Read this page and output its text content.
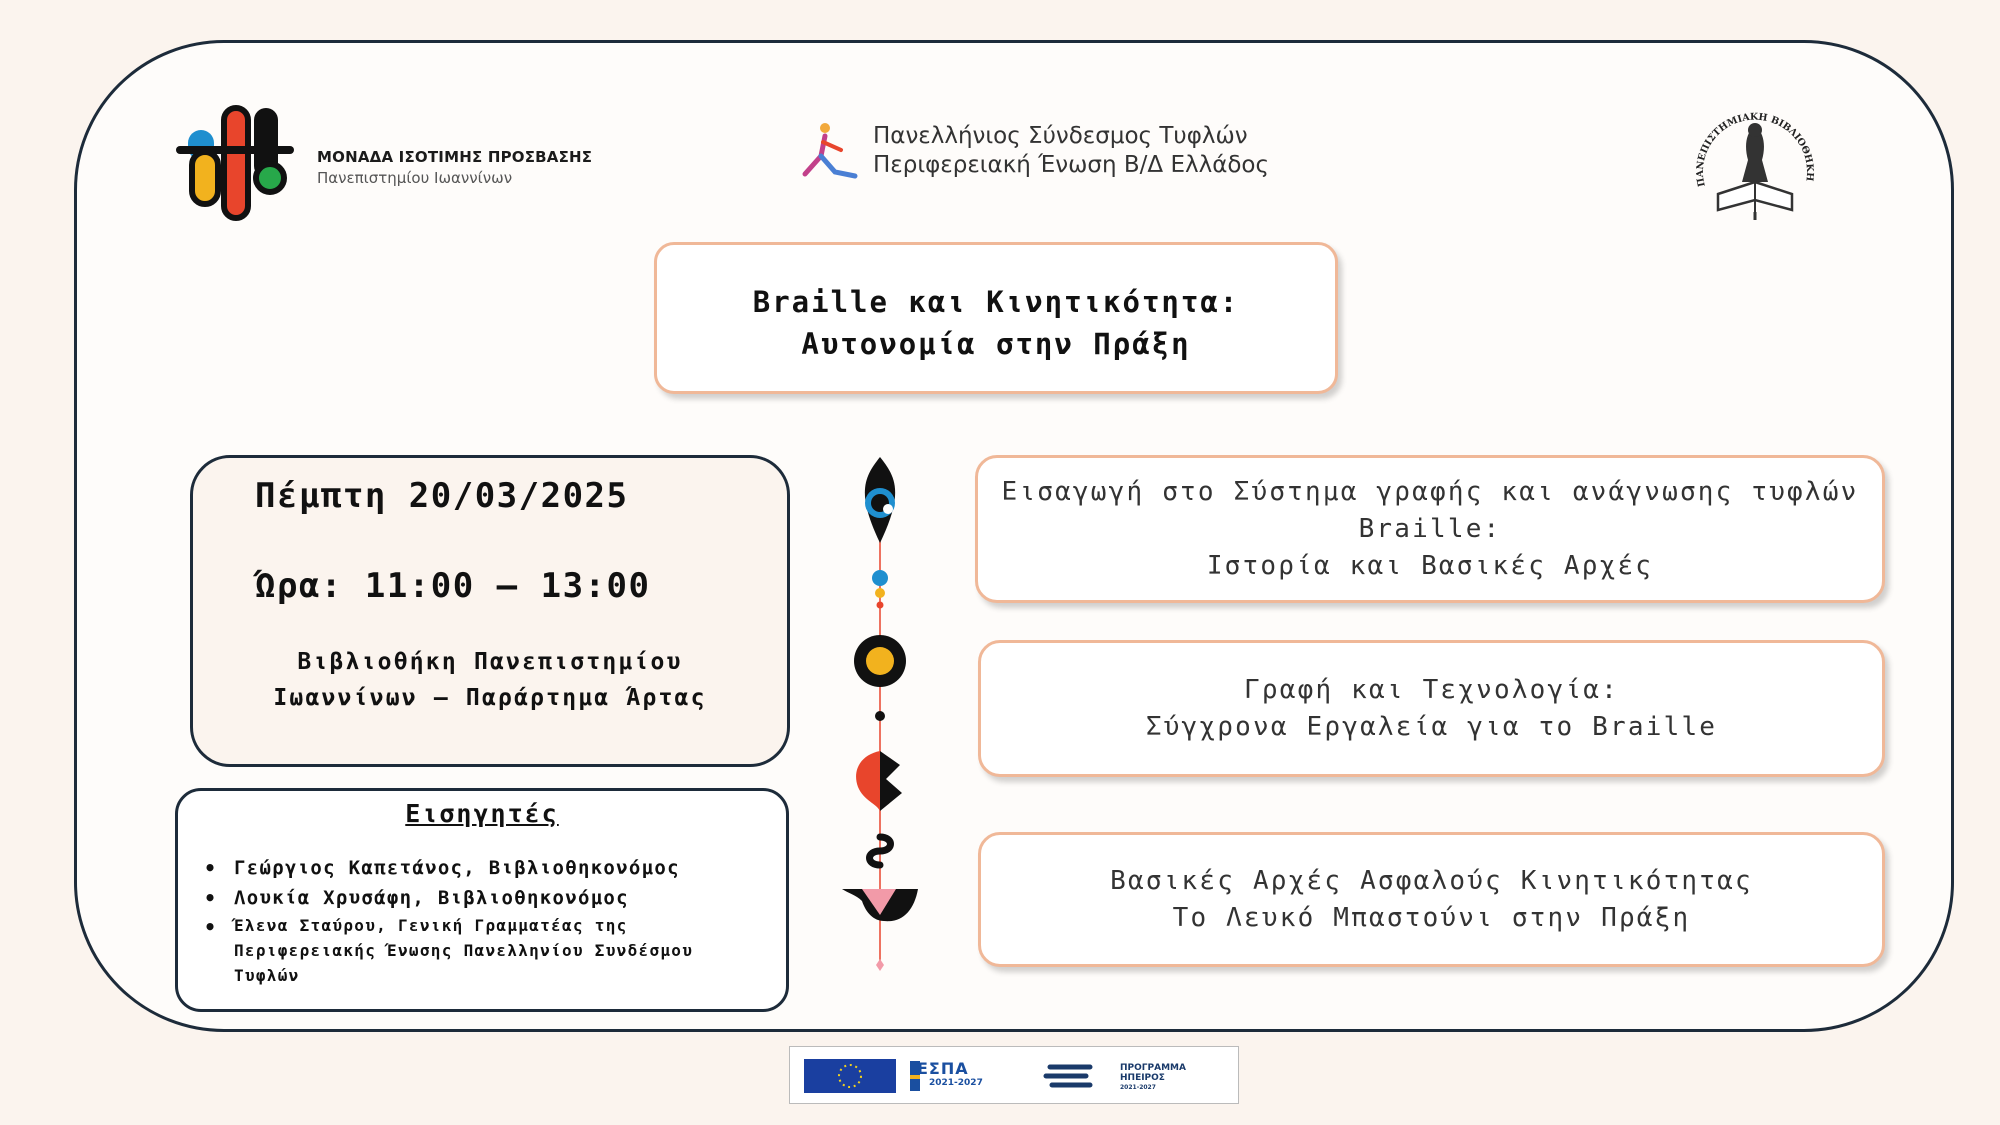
ΜΟΝΑΔΑ ΙΣΟΤΙΜΗΣ ΠΡΟΣΒΑΣΗΣ
Πανεπιστημίου Ιωαννίνων
Πανελλήνιος Σύνδεσμος Τυφλών
Περιφερειακή Ένωση Β/Δ Ελλάδος
ΠΑΝΕΠΙΣΤΗΜΙΑΚΗ ΒΙΒΛΙΟΘΗΚΗ
Braille και Κινητικότητα:
Αυτονομία στην Πράξη
Πέμπτη 20/03/2025
Ώρα: 11:00 – 13:00
Βιβλιοθήκη Πανεπιστημίου
Ιωαννίνων – Παράρτημα Άρτας
Εισηγητές
• Γεώργιος Καπετάνος, Βιβλιοθηκονόμος
• Λουκία Χρυσάφη, Βιβλιοθηκονόμος
• Έλενα Σταύρου, Γενική Γραμματέας της
Περιφερειακής Ένωσης Πανελληνίου Συνδέσμου
Τυφλών
Εισαγωγή στο Σύστημα γραφής και ανάγνωσης τυφλών
Braille:
Ιστορία και Βασικές Αρχές
Γραφή και Τεχνολογία:
Σύγχρονα Εργαλεία για το Braille
Βασικές Αρχές Ασφαλούς Κινητικότητας
Το Λευκό Μπαστούνι στην Πράξη
ΕΣΠΑ
2021-2027
ΠΡΟΓΡΑΜΜΑ
ΗΠΕΙΡΟΣ
2021-2027
